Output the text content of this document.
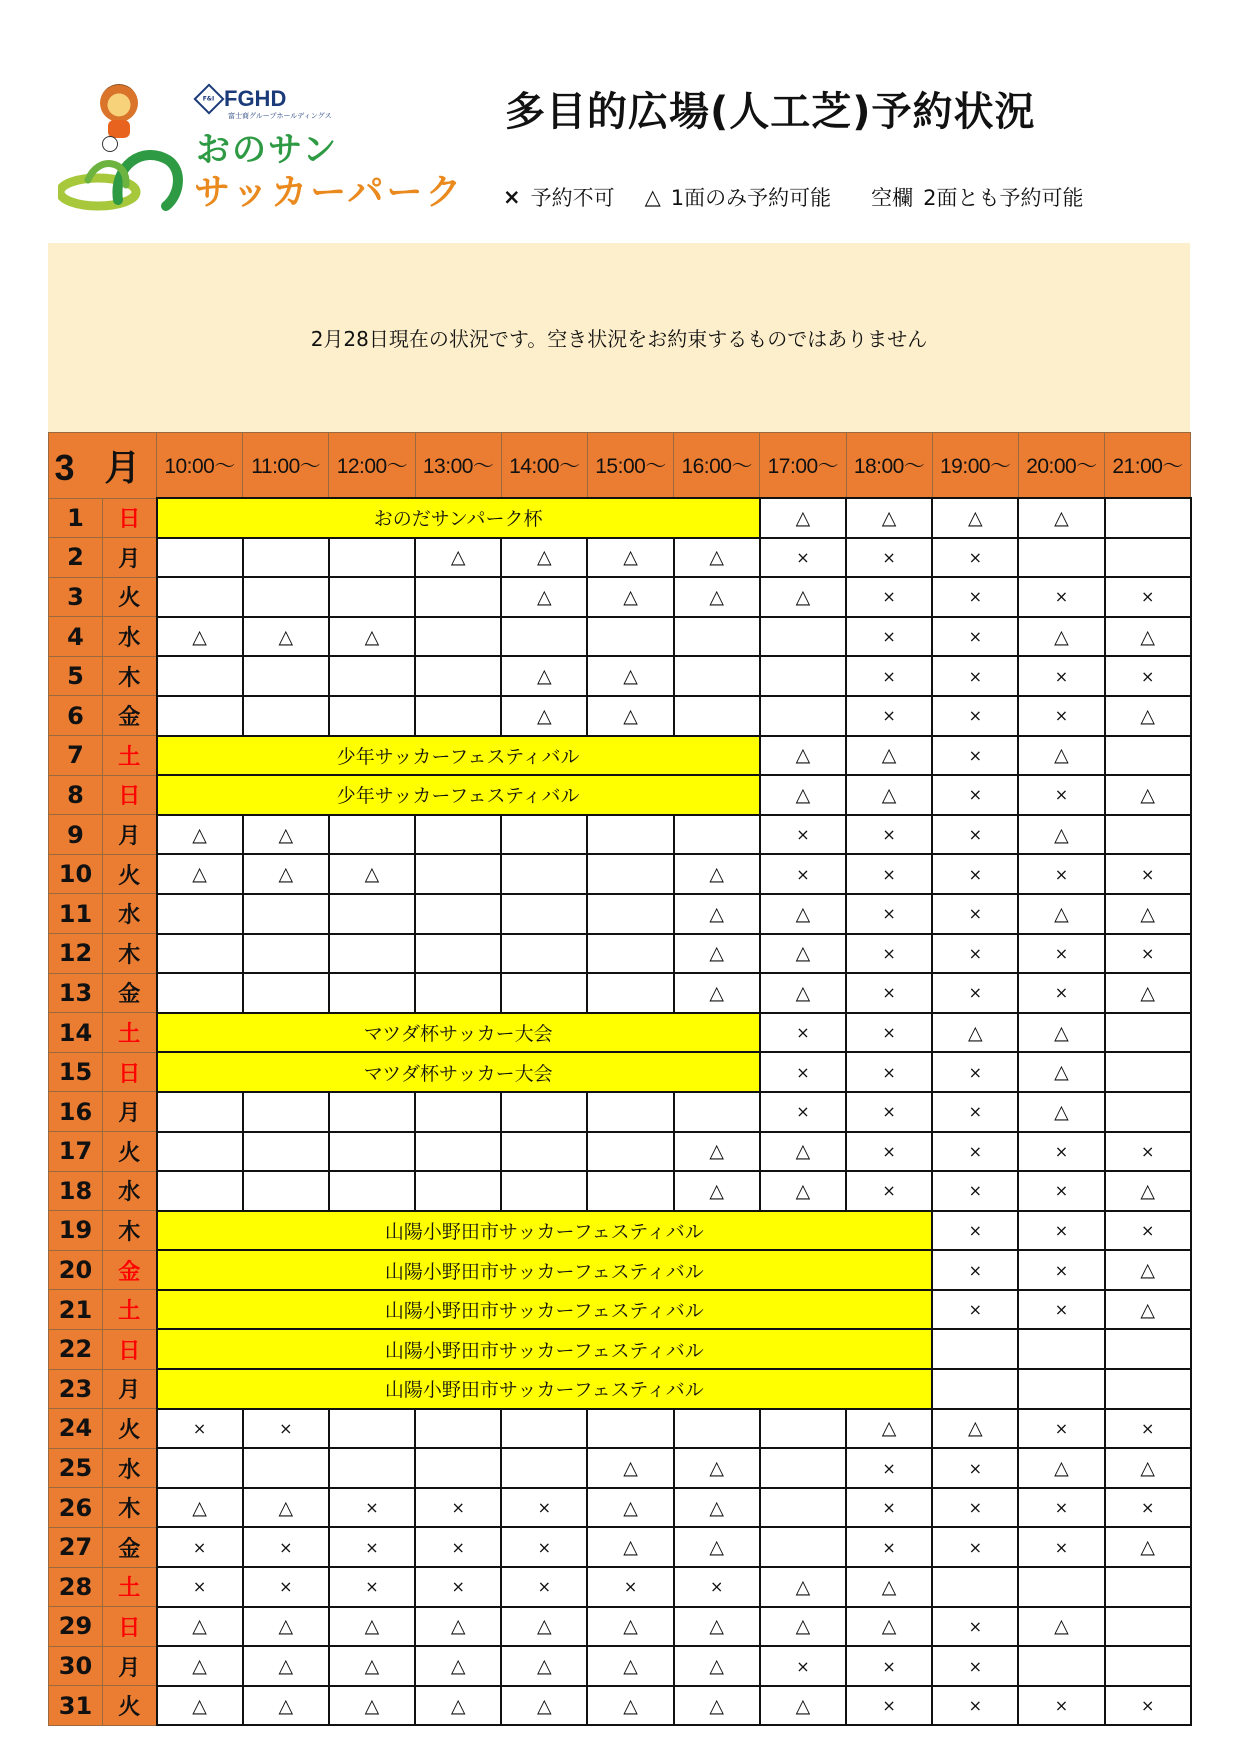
F&I FGHD
富士商グループホールディングス
おのサン
サッカーパーク
多目的広場(人工芝)予約状況
× 予約不可 △ 1面のみ予約可能 空欄 2面とも予約可能
2月28日現在の状況です。空き状況をお約束するものではありません
3 月		10:00～	11:00～	12:00～	13:00～	14:00～	15:00～	16:00～	17:00～	18:00～	19:00～	20:00～	21:00～
1	日	おのだサンパーク杯							△	△	△	△	
2	月				△	△	△	△	×	×	×		
3	火					△	△	△	△	×	×	×	×
4	水	△	△	△						×	×	△	△
5	木					△	△			×	×	×	×
6	金					△	△			×	×	×	△
7	土	少年サッカーフェスティバル							△	△	×	△	
8	日	少年サッカーフェスティバル							△	△	×	×	△
9	月	△	△						×	×	×	△	
10	火	△	△	△				△	×	×	×	×	×
11	水							△	△	×	×	△	△
12	木							△	△	×	×	×	×
13	金							△	△	×	×	×	△
14	土	マツダ杯サッカー大会							×	×	△	△	
15	日	マツダ杯サッカー大会							×	×	×	△	
16	月								×	×	×	△	
17	火							△	△	×	×	×	×
18	水							△	△	×	×	×	△
19	木	山陽小野田市サッカーフェスティバル									×	×	×
20	金	山陽小野田市サッカーフェスティバル									×	×	△
21	土	山陽小野田市サッカーフェスティバル									×	×	△
22	日	山陽小野田市サッカーフェスティバル											
23	月	山陽小野田市サッカーフェスティバル											
24	火	×	×							△	△	×	×
25	水						△	△		×	×	△	△
26	木	△	△	×	×	×	△	△		×	×	×	×
27	金	×	×	×	×	×	△	△		×	×	×	△
28	土	×	×	×	×	×	×	×	△	△			
29	日	△	△	△	△	△	△	△	△	△	×	△	
30	月	△	△	△	△	△	△	△	×	×	×		
31	火	△	△	△	△	△	△	△	△	×	×	×	×
